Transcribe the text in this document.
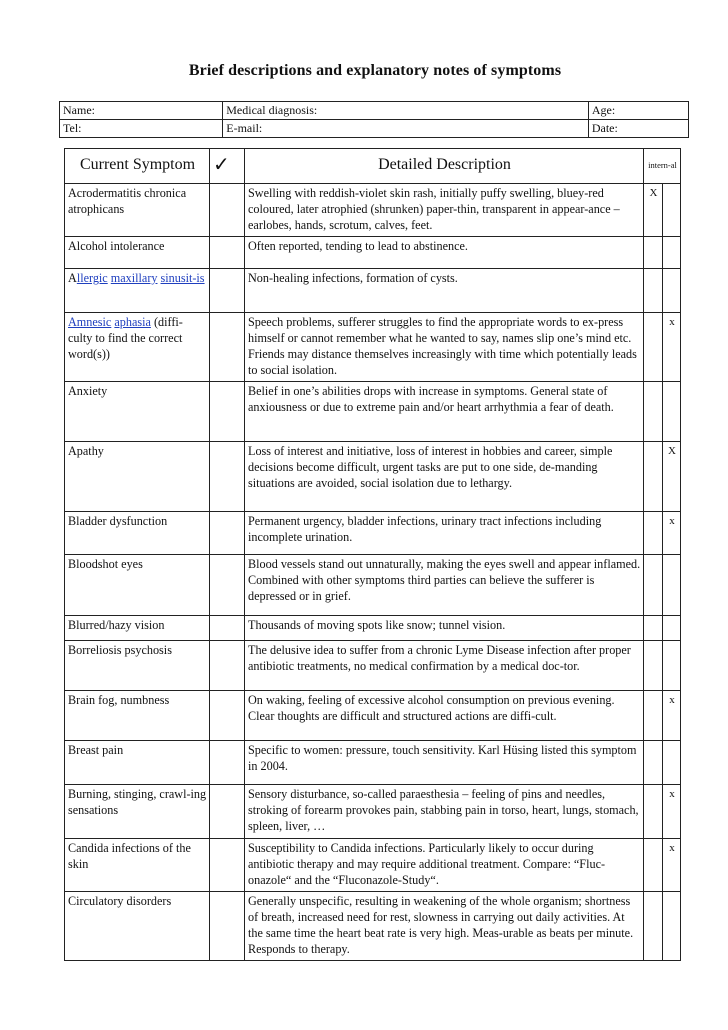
Brief descriptions and explanatory notes of symptoms
Name:	Medical diagnosis:	Age:
Tel:	E-mail:	Date:
Current Symptom	✓	Detailed Description	intern-al	
Acrodermatitis chronica atrophicans		Swelling with reddish-violet skin rash, initially puffy swelling, bluey-red coloured, later atrophied (shrunken) paper-thin, transparent in appear-ance – earlobes, hands, scrotum, calves, feet.	X	
Alcohol intolerance		Often reported, tending to lead to abstinence.		
Allergic maxillary sinusit-is		Non-healing infections, formation of cysts.		
Amnesic aphasia (diffi-culty to find the correct word(s))		Speech problems, sufferer struggles to find the appropriate words to ex-press himself or cannot remember what he wanted to say, names slip one’s mind etc. Friends may distance themselves increasingly with time which potentially leads to social isolation.		x
Anxiety		Belief in one’s abilities drops with increase in symptoms. General state of anxiousness or due to extreme pain and/or heart arrhythmia a fear of death.		
Apathy		Loss of interest and initiative, loss of interest in hobbies and career, simple decisions become difficult, urgent tasks are put to one side, de-manding situations are avoided, social isolation due to lethargy.		X
Bladder dysfunction		Permanent urgency, bladder infections, urinary tract infections including incomplete urination.		x
Bloodshot eyes		Blood vessels stand out unnaturally, making the eyes swell and appear inflamed. Combined with other symptoms third parties can believe the sufferer is depressed or in grief.		
Blurred/hazy vision		Thousands of moving spots like snow; tunnel vision.		
Borreliosis psychosis		The delusive idea to suffer from a chronic Lyme Disease infection after proper antibiotic treatments, no medical confirmation by a medical doc-tor.		
Brain fog, numbness		On waking, feeling of excessive alcohol consumption on previous evening. Clear thoughts are difficult and structured actions are diffi-cult.		x
Breast pain		Specific to women: pressure, touch sensitivity. Karl Hüsing listed this symptom in 2004.		
Burning, stinging, crawl-ing sensations		Sensory disturbance, so-called paraesthesia – feeling of pins and needles, stroking of forearm provokes pain, stabbing pain in torso, heart, lungs, stomach, spleen, liver, …		x
Candida infections of the skin		Susceptibility to Candida infections. Particularly likely to occur during antibiotic therapy and may require additional treatment. Compare: “Fluc-onazole“ and the “Fluconazole-Study“.		x
Circulatory disorders		Generally unspecific, resulting in weakening of the whole organism; shortness of breath, increased need for rest, slowness in carrying out daily activities. At the same time the heart beat rate is very high. Meas-urable as beats per minute. Responds to therapy.		
